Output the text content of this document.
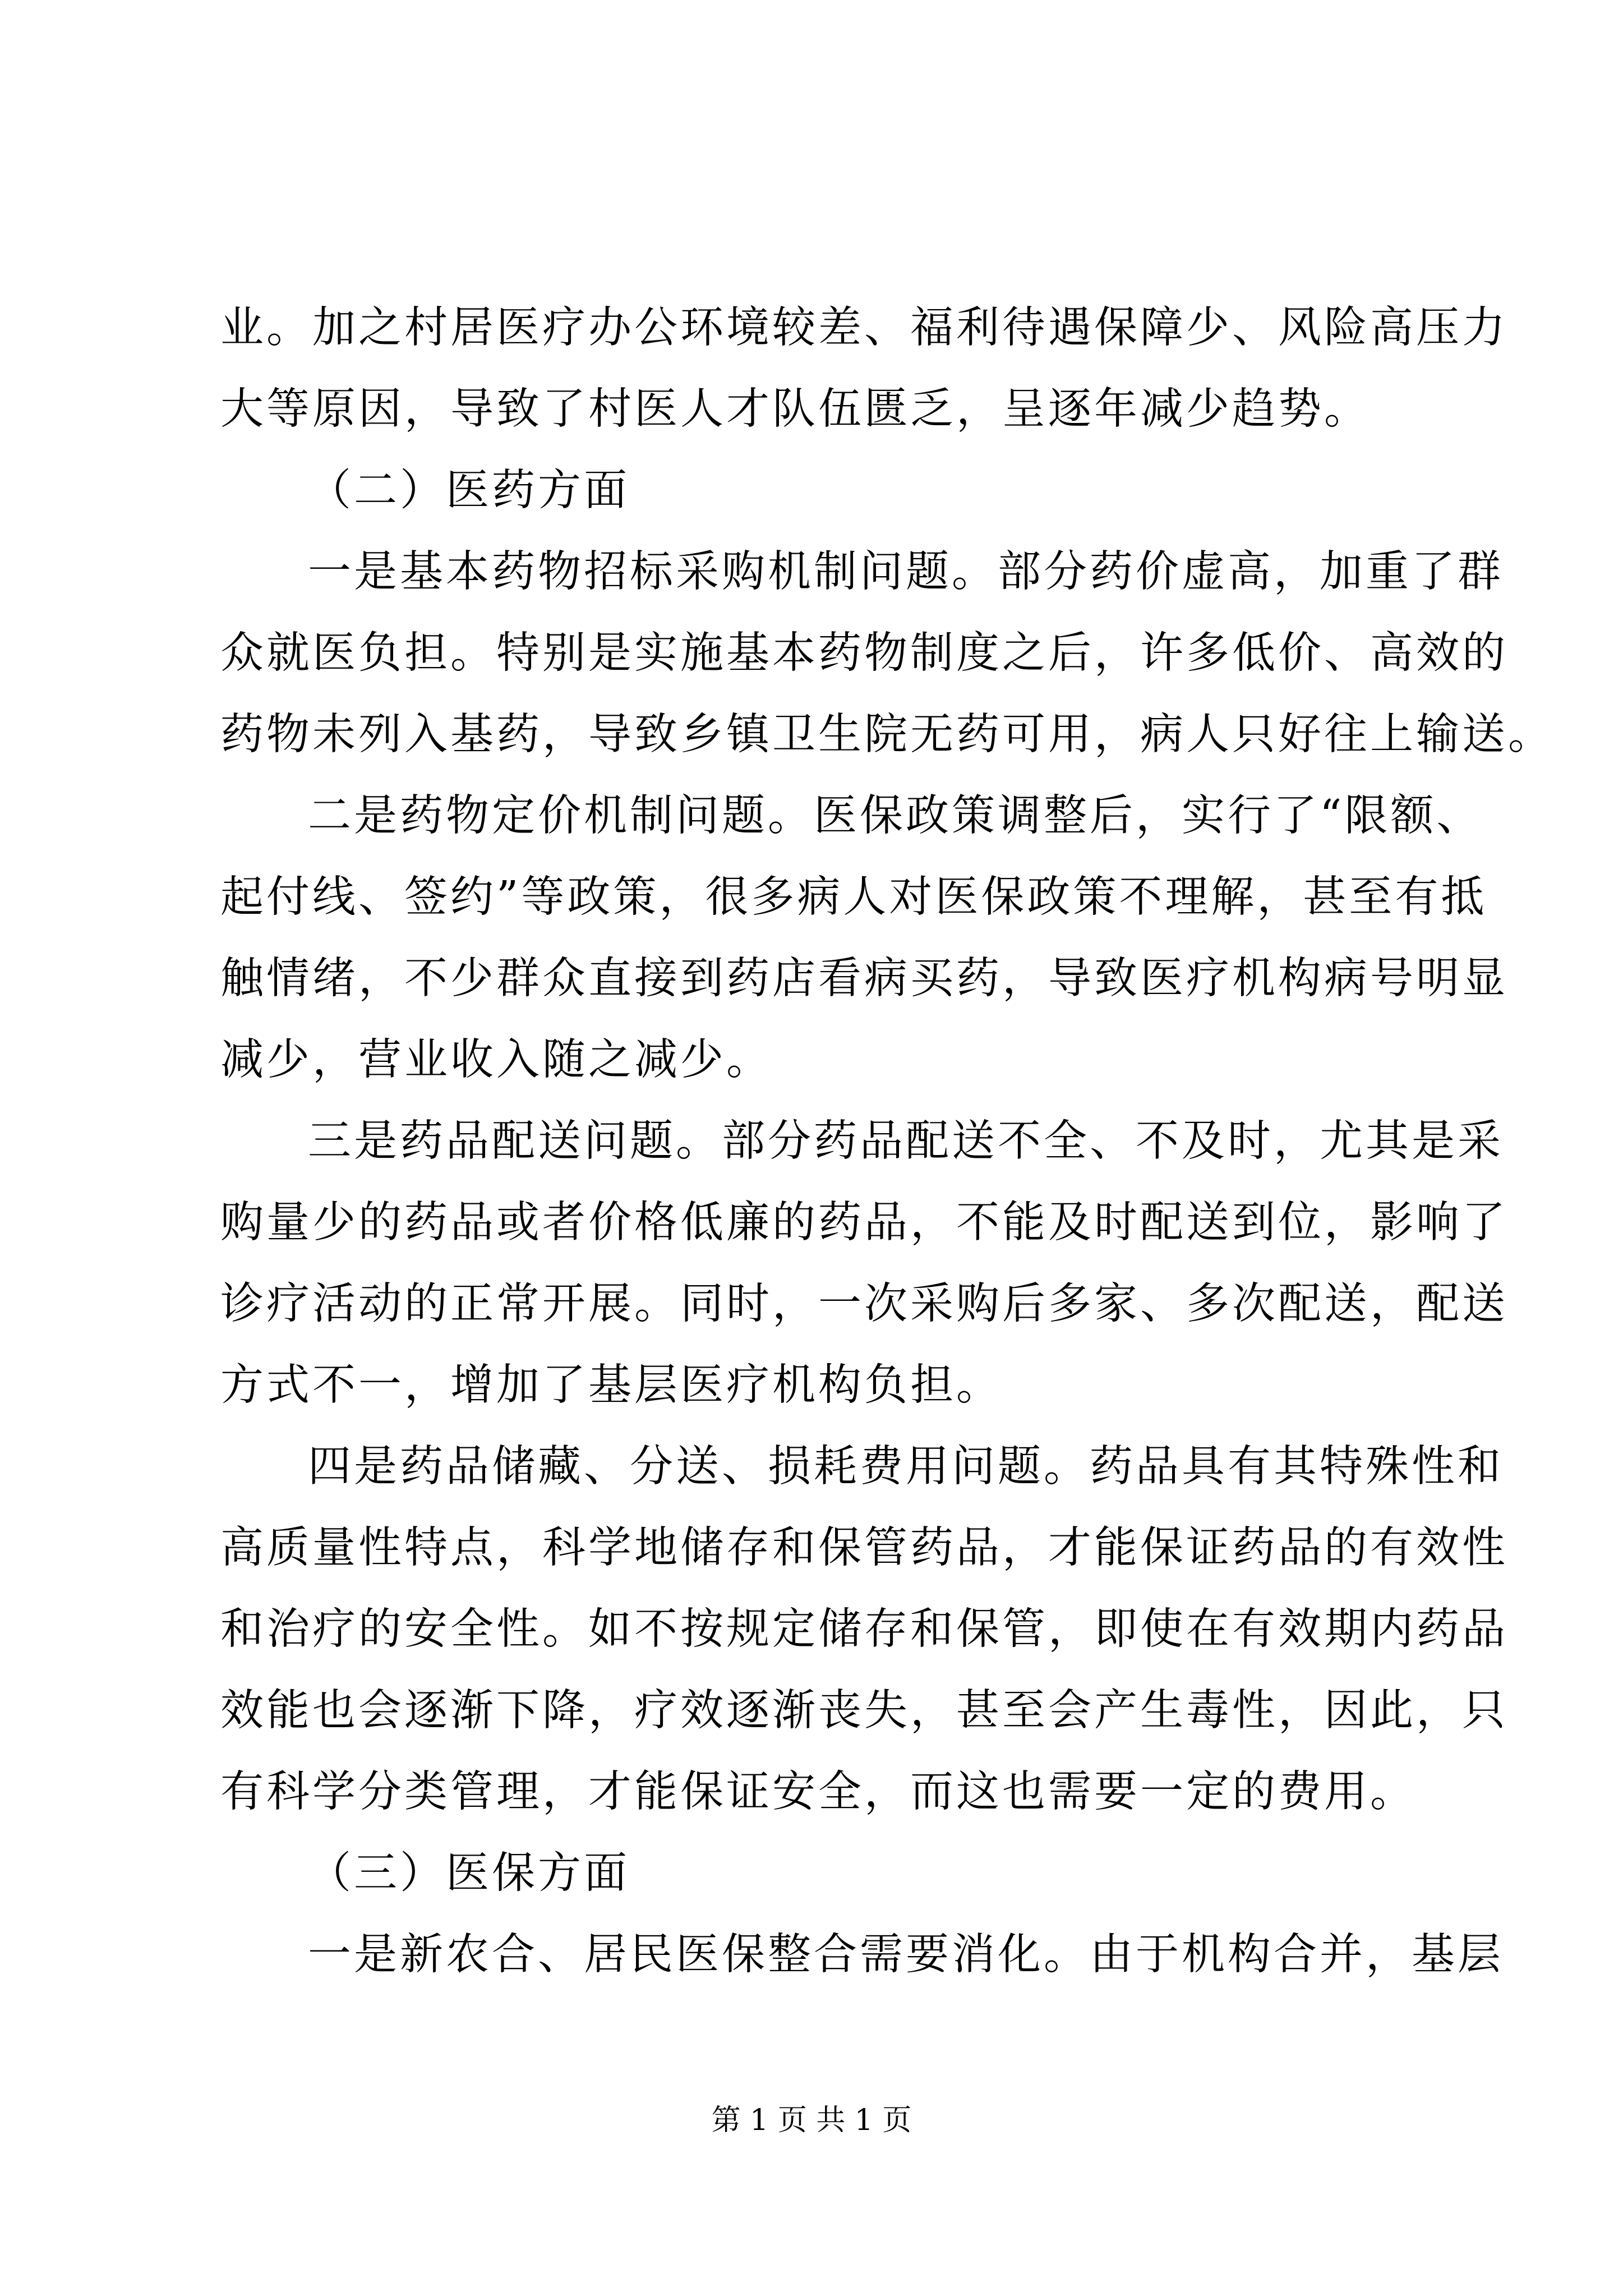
业。加之村居医疗办公环境较差、福利待遇保障少、风险高压力
大等原因，导致了村医人才队伍匮乏，呈逐年减少趋势。
（二）医药方面
一是基本药物招标采购机制问题。部分药价虚高，加重了群
众就医负担。特别是实施基本药物制度之后，许多低价、高效的
药物未列入基药，导致乡镇卫生院无药可用，病人只好往上输送。
二是药物定价机制问题。医保政策调整后，实行了“限额、
起付线、签约”等政策，很多病人对医保政策不理解，甚至有抵
触情绪，不少群众直接到药店看病买药，导致医疗机构病号明显
减少，营业收入随之减少。
三是药品配送问题。部分药品配送不全、不及时，尤其是采
购量少的药品或者价格低廉的药品，不能及时配送到位，影响了
诊疗活动的正常开展。同时，一次采购后多家、多次配送，配送
方式不一，增加了基层医疗机构负担。
四是药品储藏、分送、损耗费用问题。药品具有其特殊性和
高质量性特点，科学地储存和保管药品，才能保证药品的有效性
和治疗的安全性。如不按规定储存和保管，即使在有效期内药品
效能也会逐渐下降，疗效逐渐丧失，甚至会产生毒性，因此，只
有科学分类管理，才能保证安全，而这也需要一定的费用。
（三）医保方面
一是新农合、居民医保整合需要消化。由于机构合并，基层
第 1 页 共 1 页
